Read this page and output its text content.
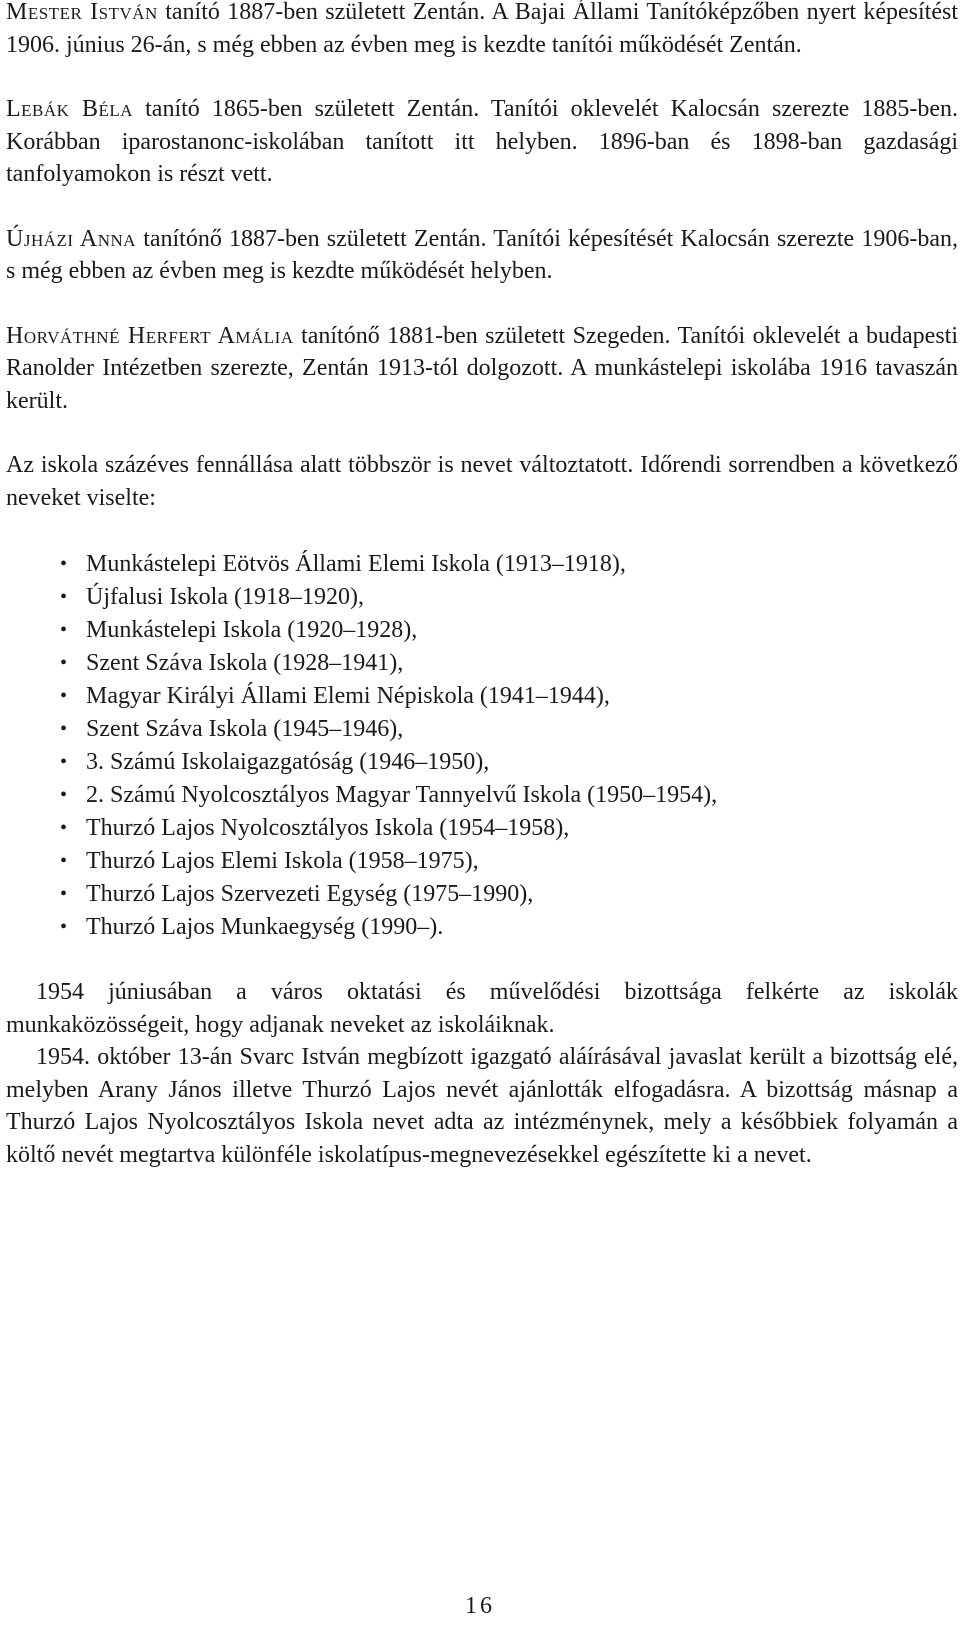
Mester István tanító 1887-ben született Zentán. A Bajai Állami Tanítóképzőben nyert képesítést 1906. június 26-án, s még ebben az évben meg is kezdte tanítói működését Zentán.

Lebák Béla tanító 1865-ben született Zentán. Tanítói oklevelét Kalocsán szerezte 1885-ben. Korábban iparostanonc-iskolában tanított itt helyben. 1896-ban és 1898-ban gazdasági tanfolyamokon is részt vett.

Újházi Anna tanítónő 1887-ben született Zentán. Tanítói képesítését Kalocsán szerezte 1906-ban, s még ebben az évben meg is kezdte működését helyben.

Horváthné Herfert Amália tanítónő 1881-ben született Szegeden. Tanítói oklevelét a budapesti Ranolder Intézetben szerezte, Zentán 1913-tól dolgozott. A munkástelepi iskolába 1916 tavaszán került.

Az iskola százéves fennállása alatt többször is nevet változtatott. Időrendi sorrendben a következő neveket viselte:

• Munkástelepi Eötvös Állami Elemi Iskola (1913–1918),
• Újfalusi Iskola (1918–1920),
• Munkástelepi Iskola (1920–1928),
• Szent Száva Iskola (1928–1941),
• Magyar Királyi Állami Elemi Népiskola (1941–1944),
• Szent Száva Iskola (1945–1946),
• 3. Számú Iskolaigazgatóság (1946–1950),
• 2. Számú Nyolcosztályos Magyar Tannyelvű Iskola (1950–1954),
• Thurzó Lajos Nyolcosztályos Iskola (1954–1958),
• Thurzó Lajos Elemi Iskola (1958–1975),
• Thurzó Lajos Szervezeti Egység (1975–1990),
• Thurzó Lajos Munkaegység (1990–).

1954 júniusában a város oktatási és művelődési bizottsága felkérte az iskolák munkaközösségeit, hogy adjanak neveket az iskoláiknak.

1954. október 13-án Svarc István megbízott igazgató aláírásával javaslat került a bizottság elé, melyben Arany János illetve Thurzó Lajos nevét ajánlották elfogadásra. A bizottság másnap a Thurzó Lajos Nyolcosztályos Iskola nevet adta az intézménynek, mely a későbbiek folyamán a költő nevét megtartva különféle iskolatípus-megnevezésekkel egészítette ki a nevet.

16
